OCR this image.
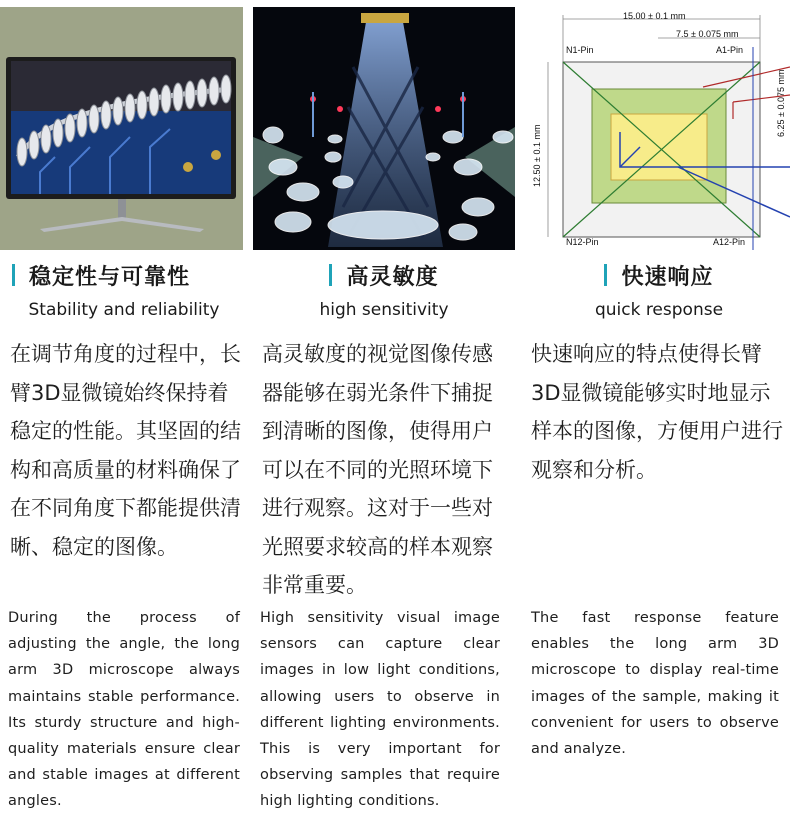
稳定性与可靠性
Stability and reliability
在调节角度的过程中，长臂3D显微镜始终保持着稳定的性能。其坚固的结构和高质量的材料确保了在不同角度下都能提供清晰、稳定的图像。
During the process of adjusting the angle, the long arm 3D microscope always maintains stable performance. Its sturdy structure and high-quality materials ensure clear and stable images at different angles.
高灵敏度
high sensitivity
高灵敏度的视觉图像传感器能够在弱光条件下捕捉到清晰的图像，使得用户可以在不同的光照环境下进行观察。这对于一些对光照要求较高的样本观察非常重要。
High sensitivity visual image sensors can capture clear images in low light conditions, allowing users to observe in different lighting environments. This is very important for observing samples that require high lighting conditions.
15.00 ± 0.1 mm
7.5 ± 0.075 mm
12.50 ± 0.1 mm
6.25 ± 0.075 mm
N1-Pin	A1-Pin
N12-Pin	A12-Pin
快速响应
quick response
快速响应的特点使得长臂3D显微镜能够实时地显示样本的图像，方便用户进行观察和分析。
The fast response feature enables the long arm 3D microscope to display real-time images of the sample, making it convenient for users to observe and analyze.
